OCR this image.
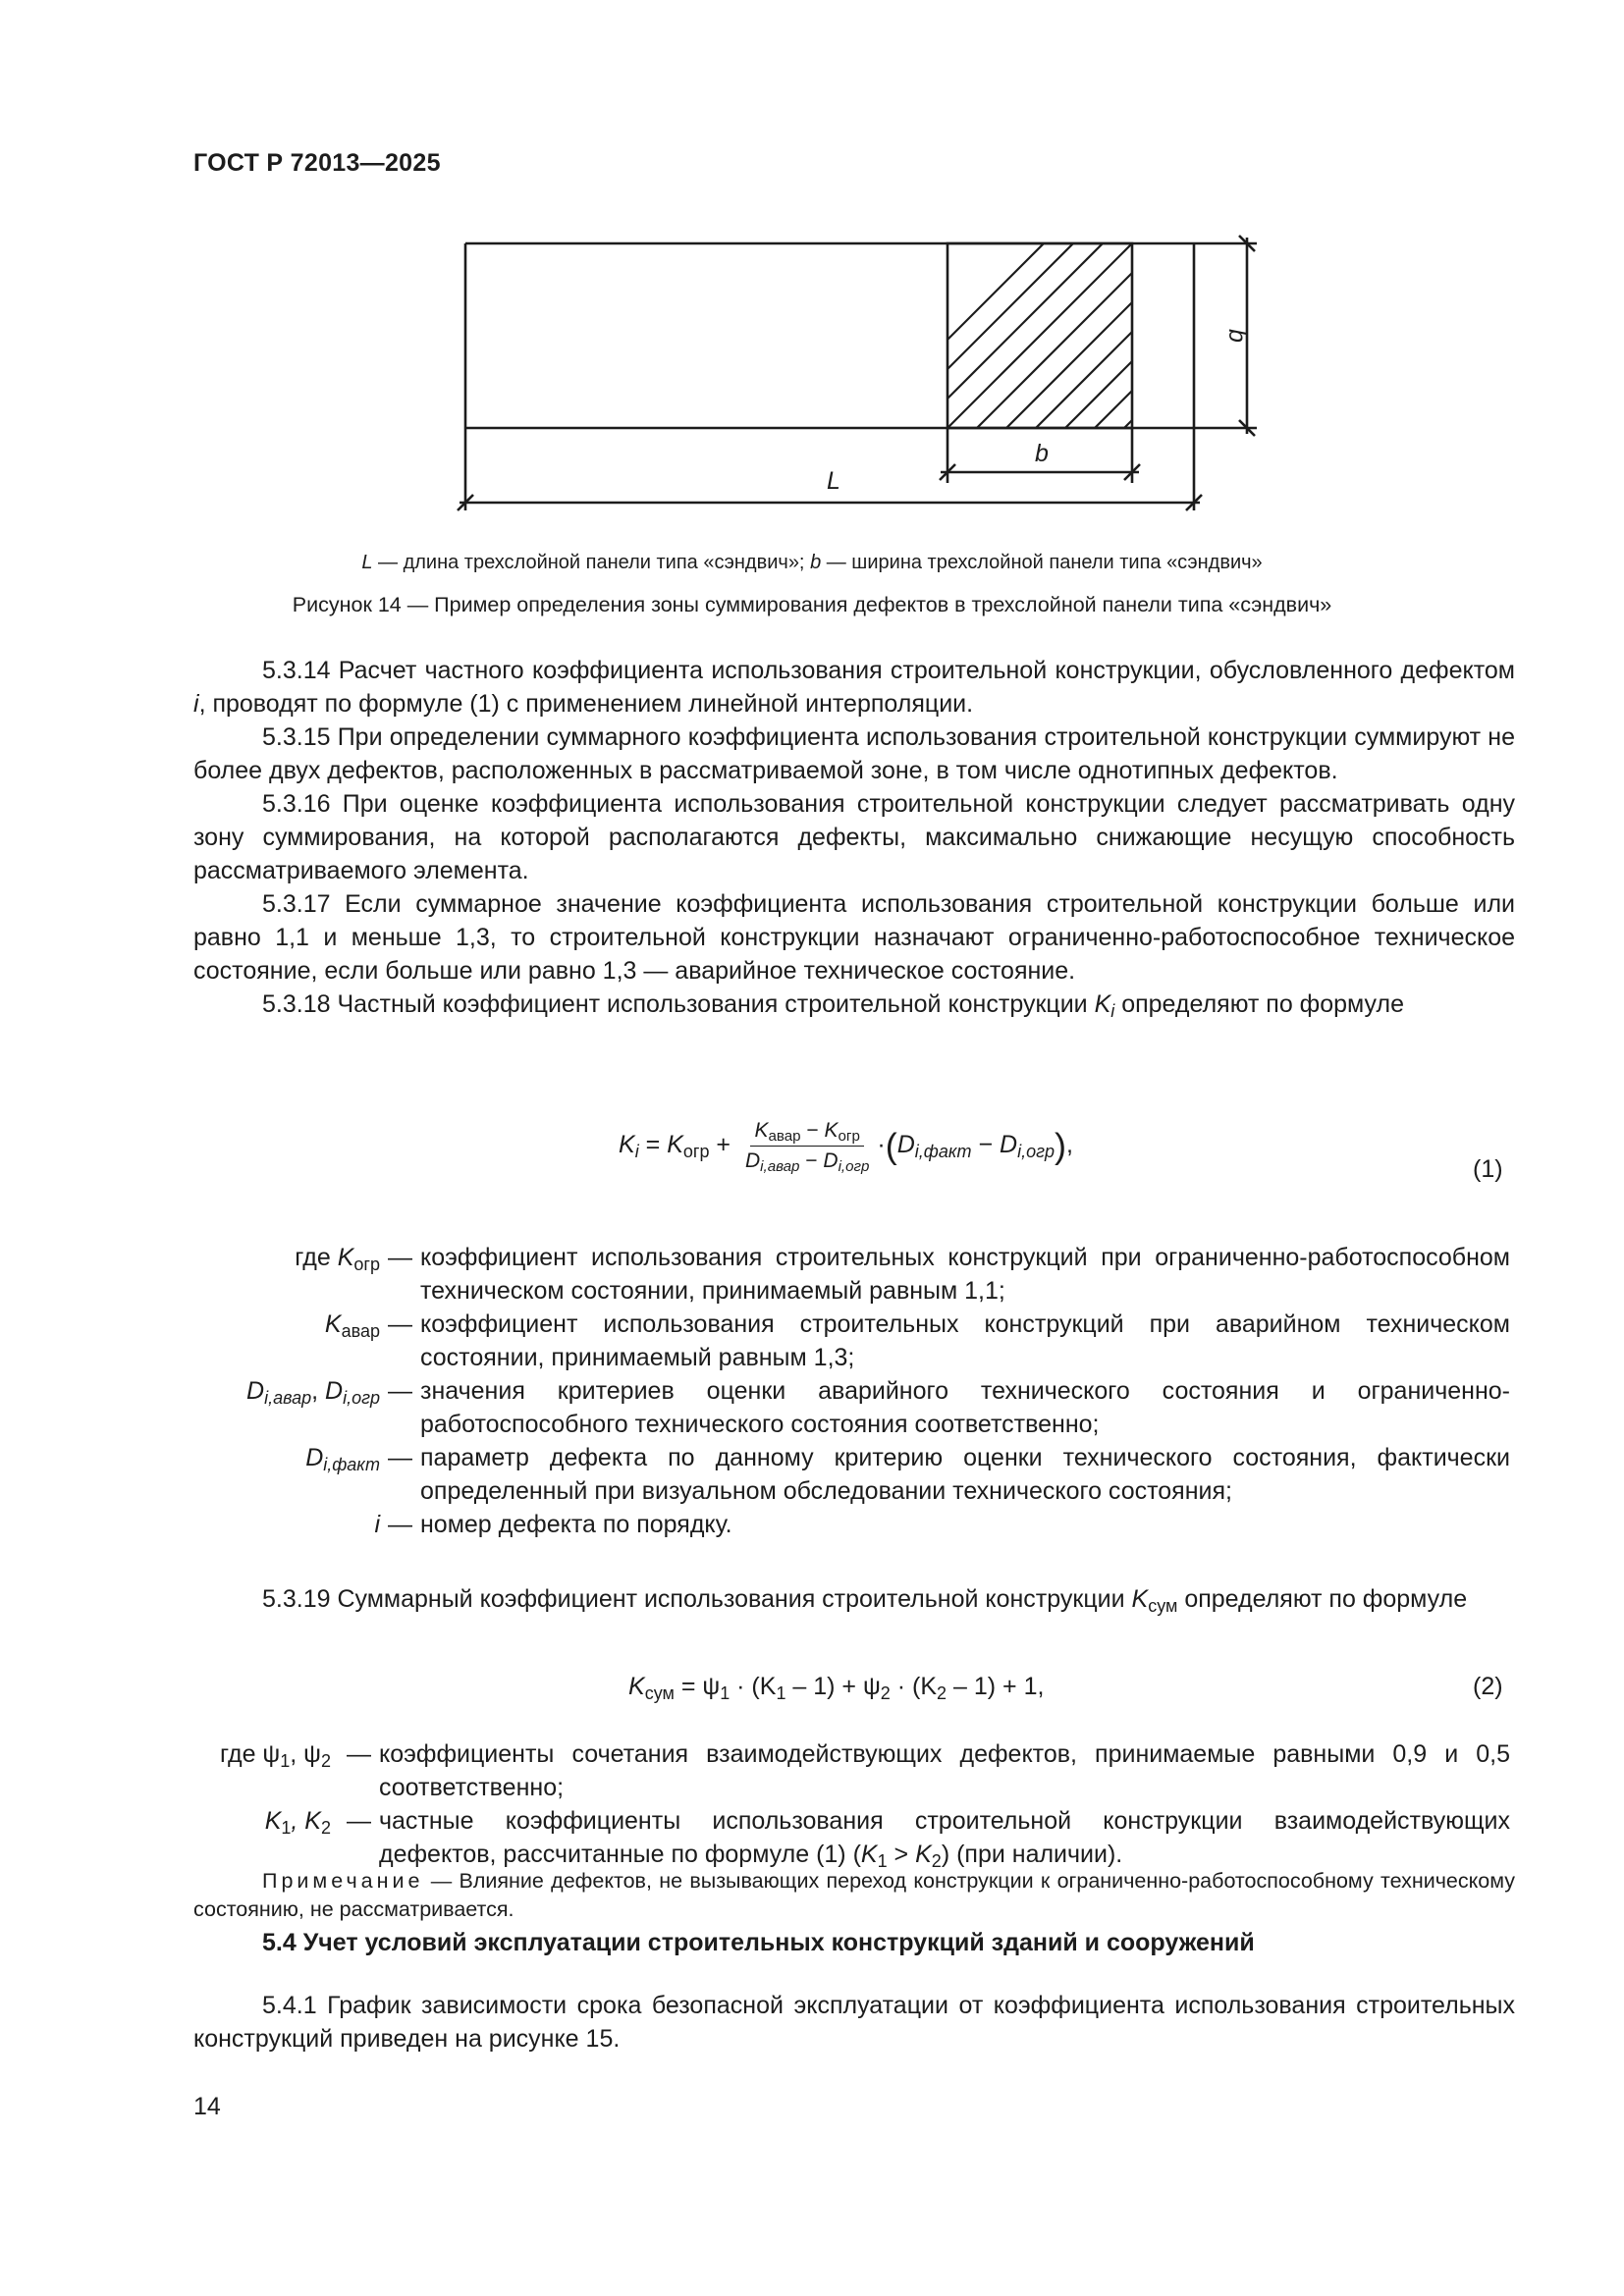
ГОСТ Р 72013—2025
L
b
b
L — длина трехслойной панели типа «сэндвич»; b — ширина трехслойной панели типа «сэндвич»
Рисунок 14 — Пример определения зоны суммирования дефектов в трехслойной панели типа «сэндвич»

5.3.14 Расчет частного коэффициента использования строительной конструкции, обусловленного дефектом i, проводят по формуле (1) с применением линейной интерполяции.

5.3.15 При определении суммарного коэффициента использования строительной конструкции суммируют не более двух дефектов, расположенных в рассматриваемой зоне, в том числе однотипных дефектов.

5.3.16 При оценке коэффициента использования строительной конструкции следует рассматривать одну зону суммирования, на которой располагаются дефекты, максимально снижающие несущую способность рассматриваемого элемента.

5.3.17 Если суммарное значение коэффициента использования строительной конструкции больше или равно 1,1 и меньше 1,3, то строительной конструкции назначают ограниченно-работоспособное техническое состояние, если больше или равно 1,3 — аварийное техническое состояние.

5.3.18 Частный коэффициент использования строительной конструкции $K_i$ определяют по формуле

$K_i = K_{огр} + \frac{K_{авар} - K_{огр}}{D_{i,авар} - D_{i,огр}} \cdot(D_{i,факт} - D_{i,огр})$,
(1)
где $K_{огр}$ — коэффициент использования строительных конструкций при ограниченно-работоспособном техническом состоянии, принимаемый равным 1,1;
$K_{авар}$ — коэффициент использования строительных конструкций при аварийном техническом состоянии, принимаемый равным 1,3;
$D_{i,авар}$, $D_{i,огр}$ — значения критериев оценки аварийного технического состояния и ограниченно-работоспособного технического состояния соответственно;
$D_{i,факт}$ — параметр дефекта по данному критерию оценки технического состояния, фактически определенный при визуальном обследовании технического состояния;
i — номер дефекта по порядку.

5.3.19 Суммарный коэффициент использования строительной конструкции $K_{сум}$ определяют по формуле

$K_{сум} = \psi_1 \cdot (K_1 - 1) + \psi_2 \cdot (K_2 - 1) + 1$,	(2)
где $\psi_1$, $\psi_2$ — коэффициенты сочетания взаимодействующих дефектов, принимаемые равными 0,9 и 0,5 соответственно;
$K_1$, $K_2$ — частные коэффициенты использования строительной конструкции взаимодействующих дефектов, рассчитанные по формуле (1) $(K_1 > K_2)$ (при наличии).
Примечание — Влияние дефектов, не вызывающих переход конструкции к ограниченно-работоспособному техническому состоянию, не рассматривается.
5.4 Учет условий эксплуатации строительных конструкций зданий и сооружений

5.4.1 График зависимости срока безопасной эксплуатации от коэффициента использования строительных конструкций приведен на рисунке 15.

14
